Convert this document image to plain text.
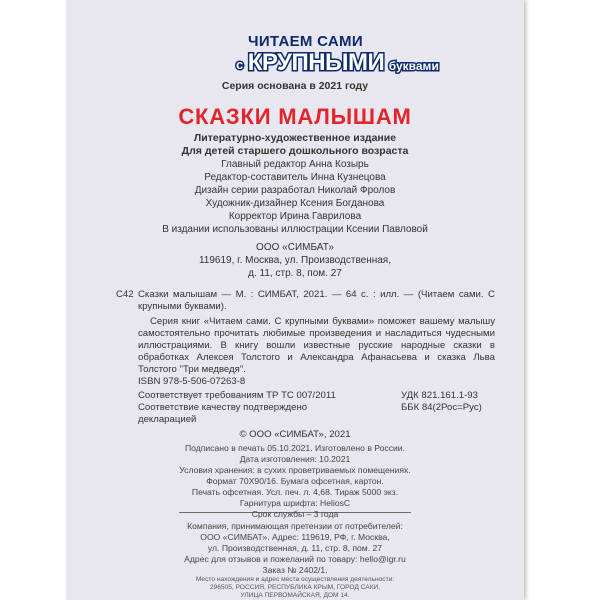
ЧИТАЕМ САМИ
с КРУПНЫМИ буквами

Серия основана в 2021 году

СКАЗКИ МАЛЫШАМ

Литературно-художественное издание

Для детей старшего дошкольного возраста

Главный редактор Анна Козырь

Редактор-составитель Инна Кузнецова

Дизайн серии разработал Николай Фролов

Художник-дизайнер Ксения Богданова

Корректор Ирина Гаврилова

В издании использованы иллюстрации Ксении Павловой

ООО «СИМБАТ»

119619, г. Москва, ул. Производственная,

д. 11, стр. 8, пом. 27

С42 Сказки малышам — М. : СИМБАТ, 2021. — 64 с. : илл. — (Читаем сами. С крупными буквами).

Серия книг «Читаем сами. С крупными буквами» поможет вашему малышу самостоятельно прочитать любимые произведения и насладиться чудесными иллюстрациями. В книгу вошли известные русские народные сказки в обработках Алексея Толстого и Александра Афанасьева и сказка Льва Толстого "Три медведя".

ISBN 978-5-506-07263-8

Соответствует требованиям ТР ТС 007/2011

Соответствие качеству подтверждено

декларацией

УДК 821.161.1-93

ББК 84(2Рос=Рус)

© ООО «СИМБАТ», 2021

Подписано в печать 05.10.2021. Изготовлено в России.

Дата изготовления: 10.2021

Условия хранения: в сухих проветриваемых помещениях.

Формат 70Х90/16. Бумага офсетная, картон.

Печать офсетная. Усл. печ. л. 4,68. Тираж 5000 экз.

Гарнитура шрифта: HeliosC

Срок службы – 3 года

Компания, принимающая претензии от потребителей:

ООО «СИМБАТ». Адрес: 119619, РФ, г. Москва,

ул. Производственная, д. 11, стр. 8, пом. 27

Адрес для отзывов и пожеланий по товару: hello@igr.ru

Заказ № 2402/1.

Место нахождения и адрес места осуществления деятельности:

296505, РОССИЯ, РЕСПУБЛИКА КРЫМ, ГОРОД САКИ,

УЛИЦА ПЕРВОМАЙСКАЯ, ДОМ 14.
